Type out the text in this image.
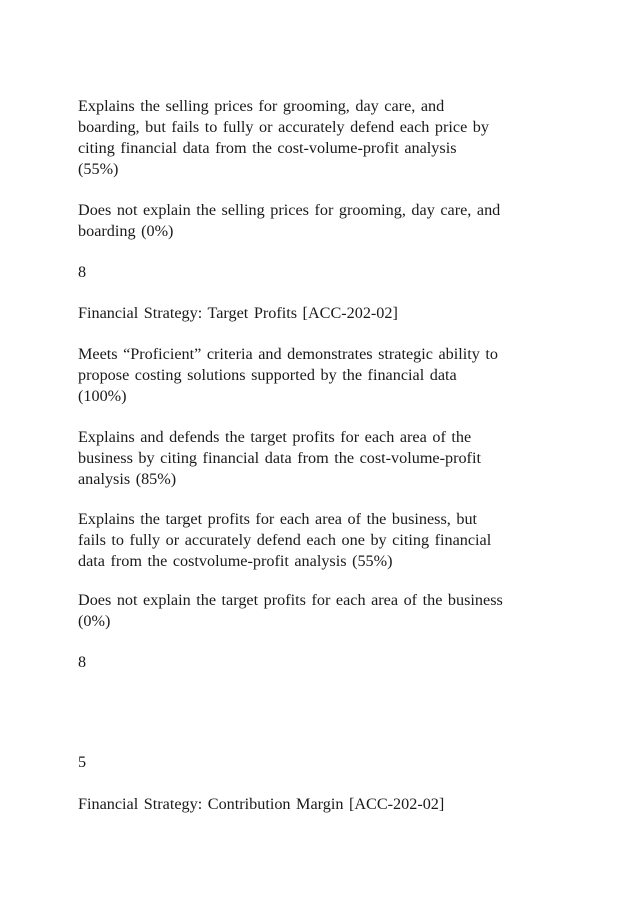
Explains the selling prices for grooming, day care, and
boarding, but fails to fully or accurately defend each price by
citing financial data from the cost-volume-profit analysis
(55%)

Does not explain the selling prices for grooming, day care, and
boarding (0%)

8

Financial Strategy: Target Profits [ACC-202-02]

Meets “Proficient” criteria and demonstrates strategic ability to
propose costing solutions supported by the financial data
(100%)

Explains and defends the target profits for each area of the
business by citing financial data from the cost-volume-profit
analysis (85%)

Explains the target profits for each area of the business, but
fails to fully or accurately defend each one by citing financial
data from the costvolume-profit analysis (55%)

Does not explain the target profits for each area of the business
(0%)

8

5

Financial Strategy: Contribution Margin [ACC-202-02]
